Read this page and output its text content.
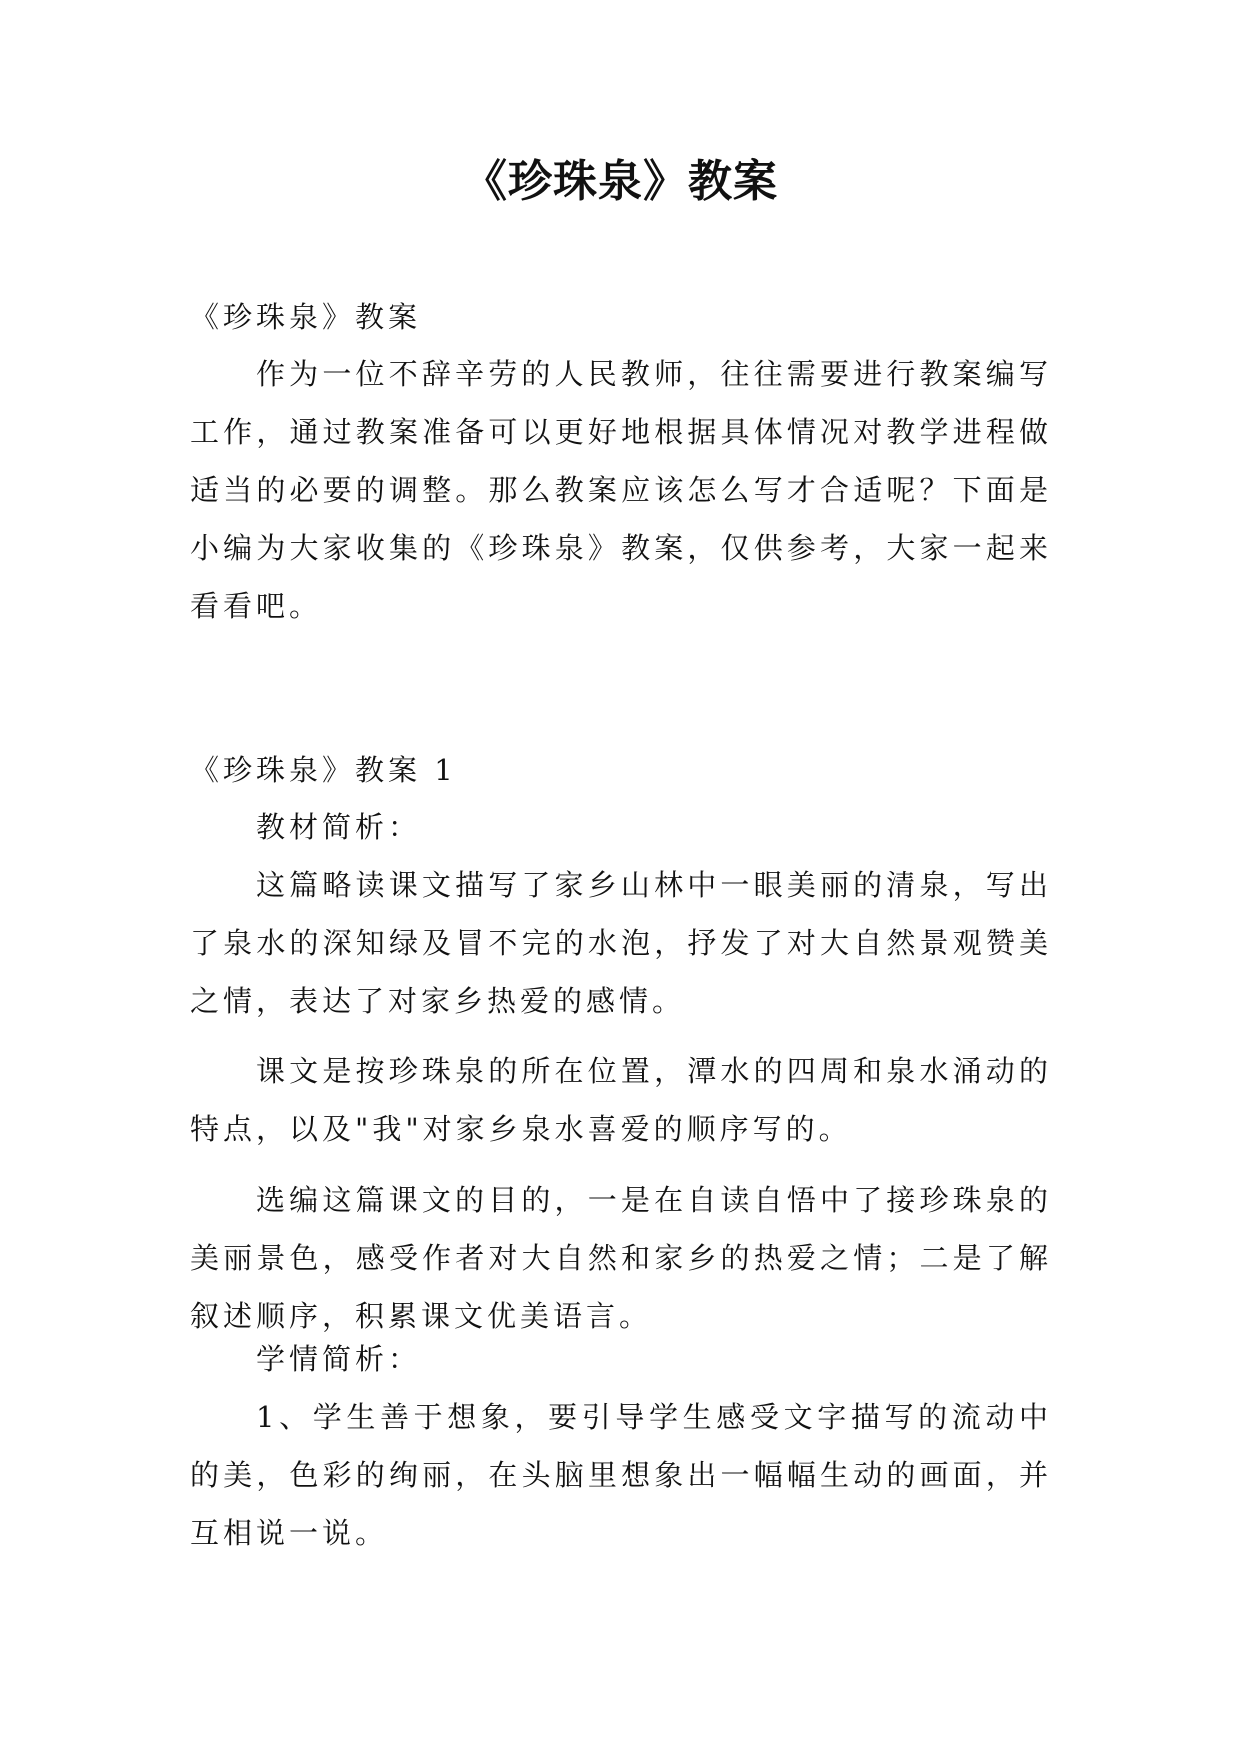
《珍珠泉》教案

《珍珠泉》教案

作为一位不辞辛劳的人民教师，往往需要进行教案编写工作，通过教案准备可以更好地根据具体情况对教学进程做适当的必要的调整。那么教案应该怎么写才合适呢？下面是小编为大家收集的《珍珠泉》教案，仅供参考，大家一起来看看吧。

《珍珠泉》教案 1

教材简析：

这篇略读课文描写了家乡山林中一眼美丽的清泉，写出了泉水的深知绿及冒不完的水泡，抒发了对大自然景观赞美之情，表达了对家乡热爱的感情。

课文是按珍珠泉的所在位置，潭水的四周和泉水涌动的特点，以及"我"对家乡泉水喜爱的顺序写的。

选编这篇课文的目的，一是在自读自悟中了接珍珠泉的美丽景色，感受作者对大自然和家乡的热爱之情；二是了解叙述顺序，积累课文优美语言。

学情简析：

1、学生善于想象，要引导学生感受文字描写的流动中的美，色彩的绚丽，在头脑里想象出一幅幅生动的画面，并互相说一说。
